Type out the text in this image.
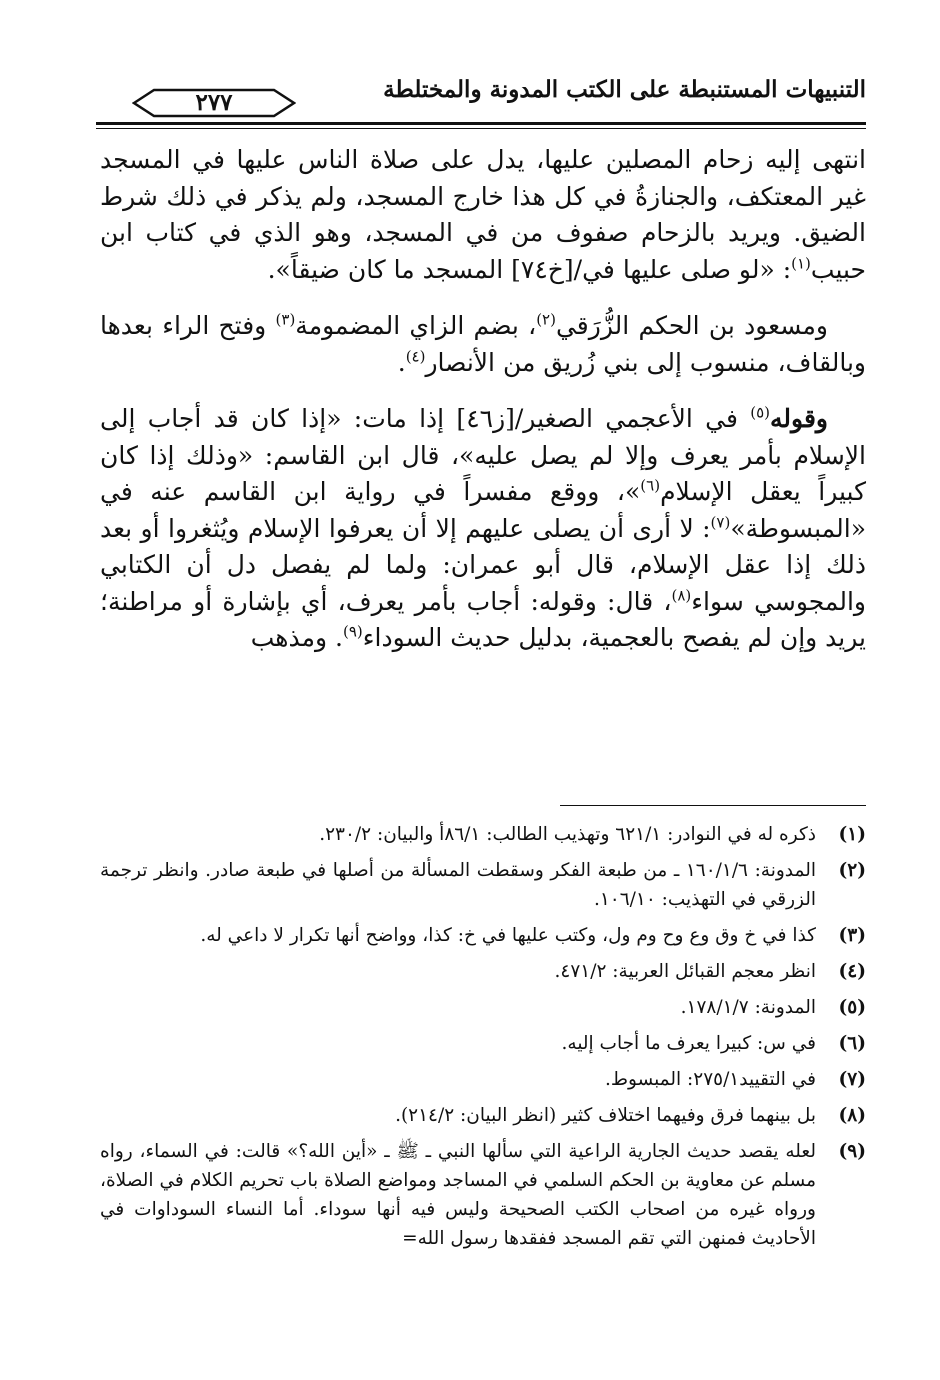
التنبيهات المستنبطة على الكتب المدونة والمختلطة
٢٧٧

انتهى إليه زحام المصلين عليها، يدل على صلاة الناس عليها في المسجد غير المعتكف، والجنازةُ في كل هذا خارج المسجد، ولم يذكر في ذلك شرط الضيق. ويريد بالزحام صفوف من في المسجد، وهو الذي في كتاب ابن حبيب$^{(١)}$: «لو صلى عليها في/[خ٧٤] المسجد ما كان ضيقاً».

ومسعود بن الحكم الزُّرَقي$^{(٢)}$، بضم الزاي المضمومة$^{(٣)}$ وفتح الراء بعدها وبالقاف، منسوب إلى بني زُريق من الأنصار$^{(٤)}$.

وقوله$^{(٥)}$ في الأعجمي الصغير/[ز٤٦] إذا مات: «إذا كان قد أجاب إلى الإسلام بأمر يعرف وإلا لم يصل عليه»، قال ابن القاسم: «وذلك إذا كان كبيراً يعقل الإسلام$^{(٦)}$»، ووقع مفسراً في رواية ابن القاسم عنه في «المبسوطة»$^{(٧)}$: لا أرى أن يصلى عليهم إلا أن يعرفوا الإسلام ويُثغروا أو بعد ذلك إذا عقل الإسلام، قال أبو عمران: ولما لم يفصل دل أن الكتابي والمجوسي سواء$^{(٨)}$، قال: وقوله: أجاب بأمر يعرف، أي بإشارة أو مراطنة؛ يريد وإن لم يفصح بالعجمية، بدليل حديث السوداء$^{(٩)}$. ومذهب

(١)
ذكره له في النوادر: ٦٢١/١ وتهذيب الطالب: ٨٦/١أ والبيان: ٢٣٠/٢.
(٢)
المدونة: ١٦٠/١/٦ ـ من طبعة الفكر وسقطت المسألة من أصلها في طبعة صادر. وانظر ترجمة الزرقي في التهذيب: ١٠٦/١٠.
(٣)
كذا في خ وق وع وح وم ول، وكتب عليها في خ: كذا، وواضح أنها تكرار لا داعي له.
(٤)
انظر معجم القبائل العربية: ٤٧١/٢.
(٥)
المدونة: ١٧٨/١/٧.
(٦)
في س: كبيرا يعرف ما أجاب إليه.
(٧)
في التقييد٢٧٥/١: المبسوط.
(٨)
بل بينهما فرق وفيهما اختلاف كثير (انظر البيان: ٢١٤/٢).
(٩)
لعله يقصد حديث الجارية الراعية التي سألها النبي ـ ﷺ ـ «أين الله؟» قالت: في السماء، رواه مسلم عن معاوية بن الحكم السلمي في المساجد ومواضع الصلاة باب تحريم الكلام في الصلاة، ورواه غيره من اصحاب الكتب الصحيحة وليس فيه أنها سوداء. أما النساء السوداوات في الأحاديث فمنهن التي تقم المسجد ففقدها رسول الله=
